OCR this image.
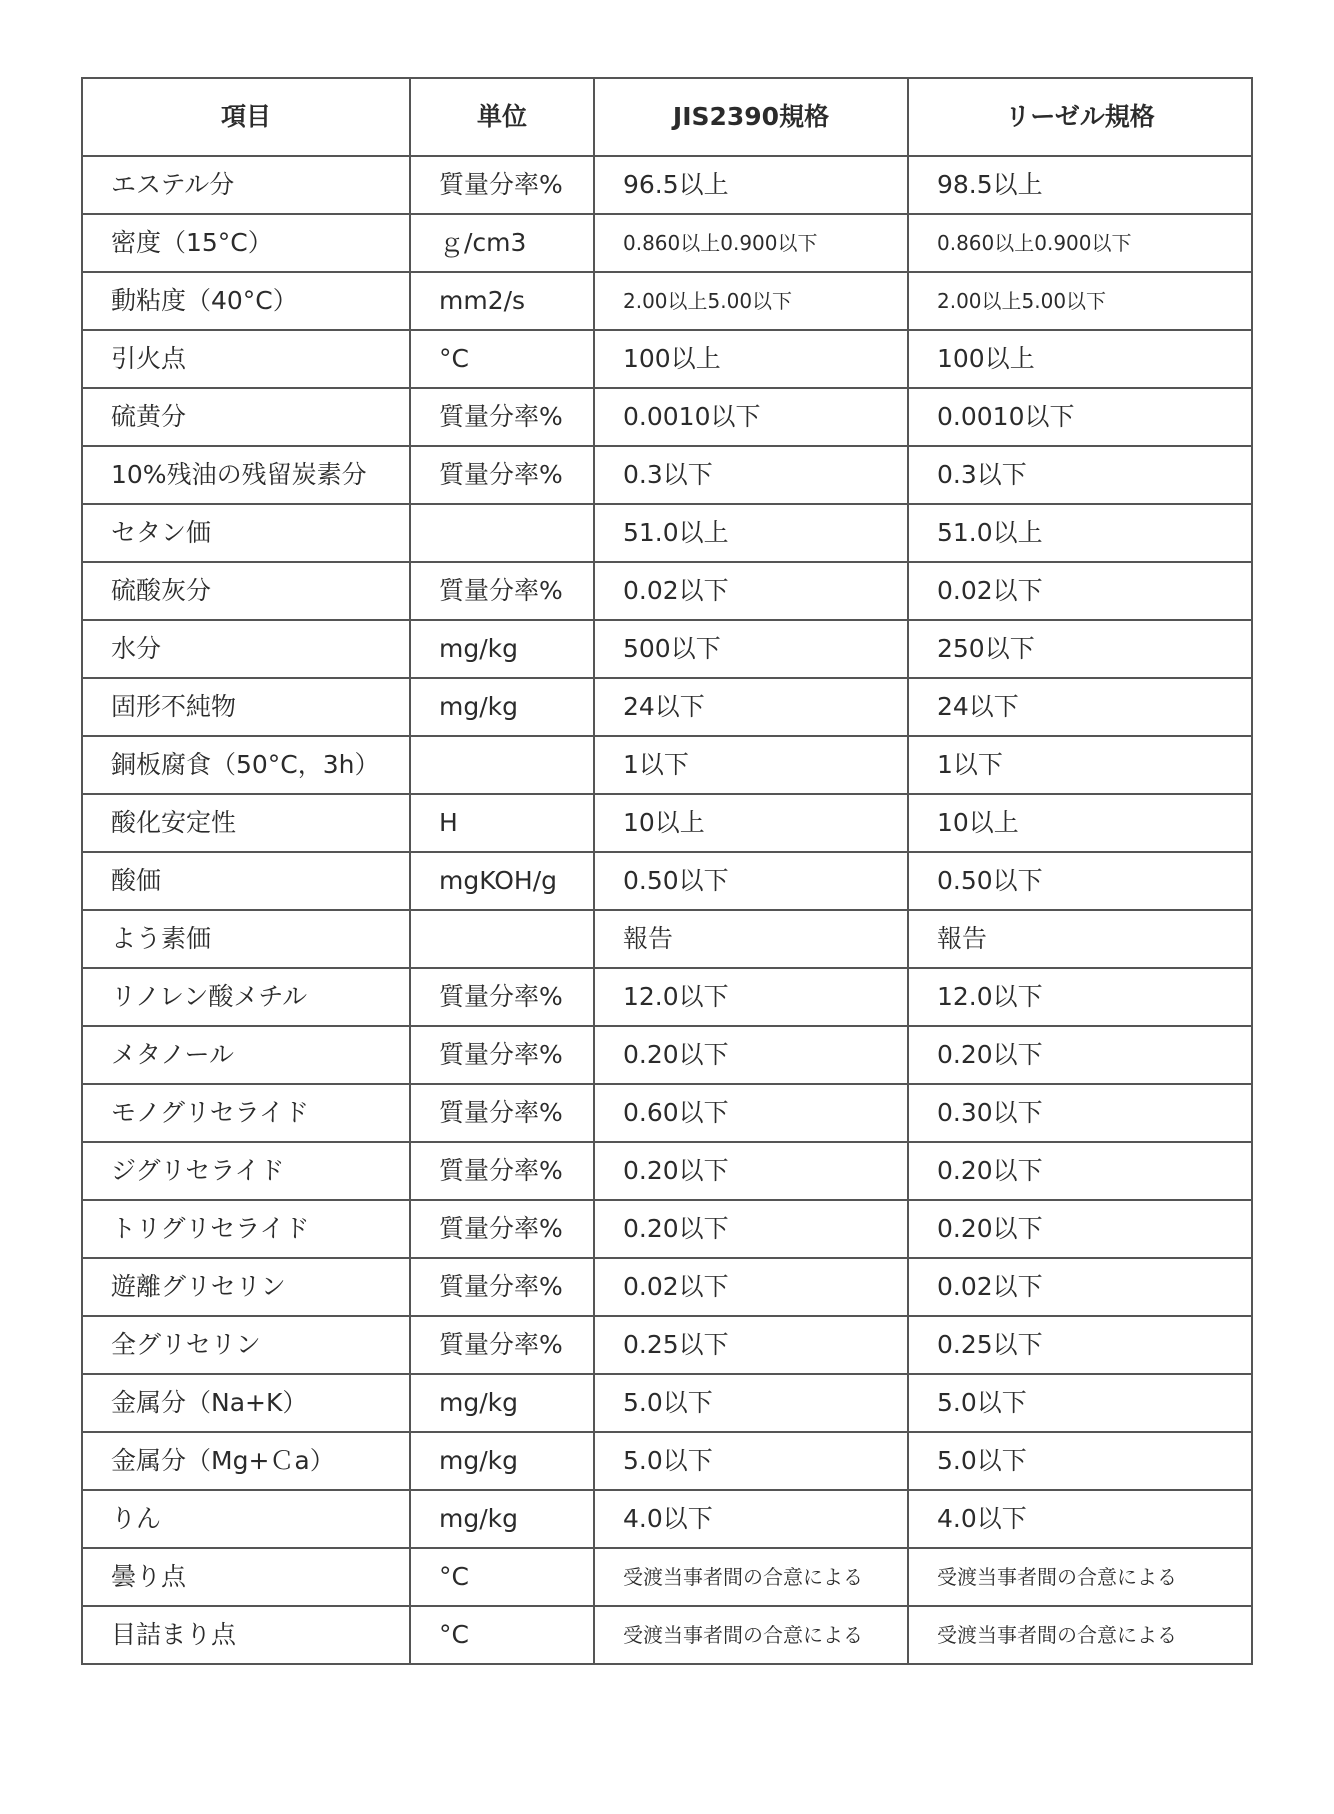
項目	単位	JIS2390規格	リーゼル規格
エステル分	質量分率%	96.5以上	98.5以上
密度（15°C）	ｇ/cm3	0.860以上0.900以下	0.860以上0.900以下
動粘度（40°C）	mm2/s	2.00以上5.00以下	2.00以上5.00以下
引火点	°C	100以上	100以上
硫黄分	質量分率%	0.0010以下	0.0010以下
10%残油の残留炭素分	質量分率%	0.3以下	0.3以下
セタン価		51.0以上	51.0以上
硫酸灰分	質量分率%	0.02以下	0.02以下
水分	mg/kg	500以下	250以下
固形不純物	mg/kg	24以下	24以下
銅板腐食（50°C，3h）		1以下	1以下
酸化安定性	H	10以上	10以上
酸価	mgKOH/g	0.50以下	0.50以下
よう素価		報告	報告
リノレン酸メチル	質量分率%	12.0以下	12.0以下
メタノール	質量分率%	0.20以下	0.20以下
モノグリセライド	質量分率%	0.60以下	0.30以下
ジグリセライド	質量分率%	0.20以下	0.20以下
トリグリセライド	質量分率%	0.20以下	0.20以下
遊離グリセリン	質量分率%	0.02以下	0.02以下
全グリセリン	質量分率%	0.25以下	0.25以下
金属分（Na+K）	mg/kg	5.0以下	5.0以下
金属分（Mg+Ｃa）	mg/kg	5.0以下	5.0以下
りん	mg/kg	4.0以下	4.0以下
曇り点	°C	受渡当事者間の合意による	受渡当事者間の合意による
目詰まり点	°C	受渡当事者間の合意による	受渡当事者間の合意による
